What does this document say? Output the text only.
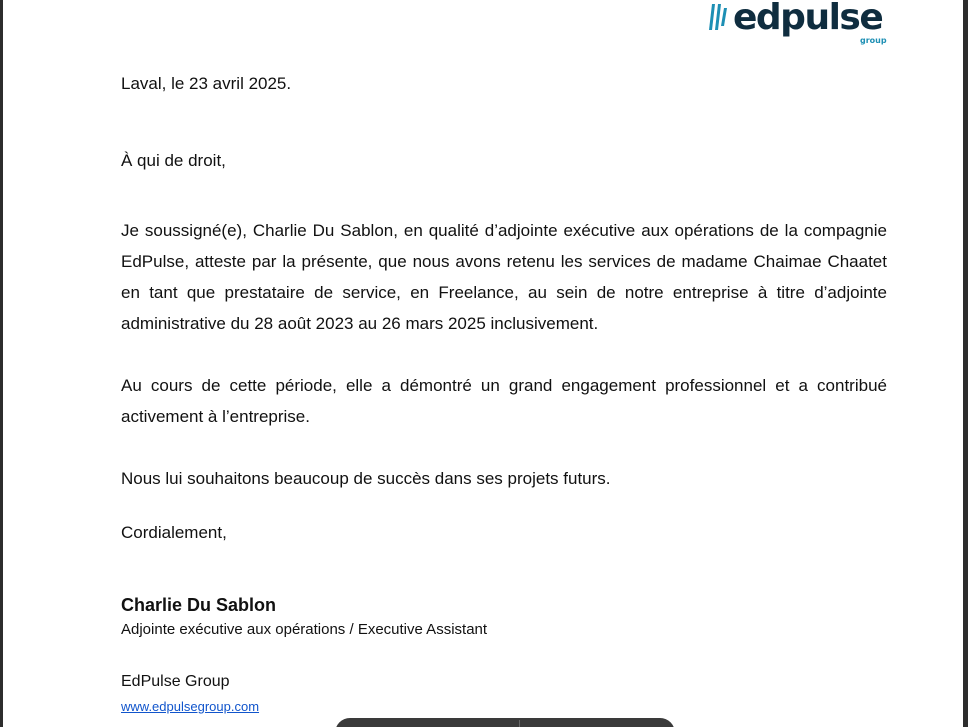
edpulse
group

Laval, le 23 avril 2025.

À qui de droit,

Je soussigné(e), Charlie Du Sablon, en qualité d’adjointe exécutive aux opérations de la compagnie EdPulse, atteste par la présente, que nous avons retenu les services de madame Chaimae Chaatet en tant que prestataire de service, en Freelance, au sein de notre entreprise à titre d’adjointe administrative du 28 août 2023 au 26 mars 2025 inclusivement.

Au cours de cette période, elle a démontré un grand engagement professionnel et a contribué activement à l’entreprise.

Nous lui souhaitons beaucoup de succès dans ses projets futurs.

Cordialement,

Charlie Du Sablon
Adjointe exécutive aux opérations / Executive Assistant
EdPulse Group
www.edpulsegroup.com
